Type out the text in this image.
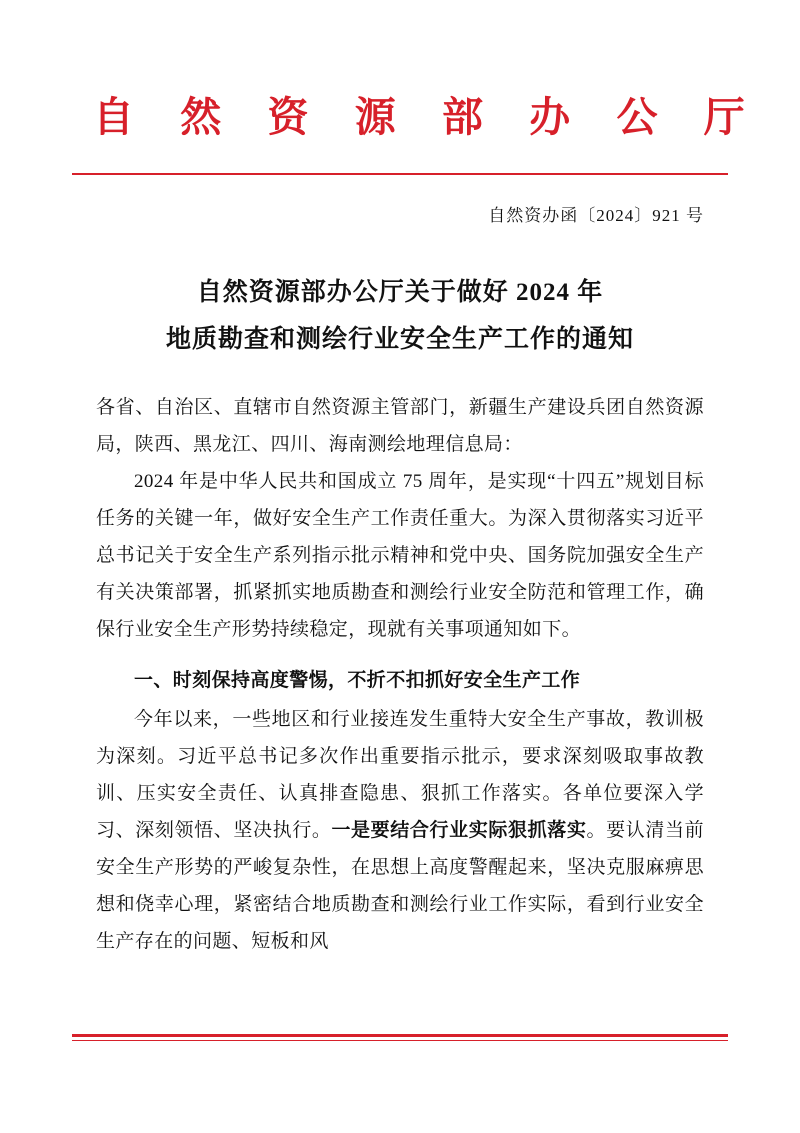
自 然 资 源 部 办 公 厅
自然资办函〔2024〕921 号
自然资源部办公厅关于做好 2024 年
地质勘查和测绘行业安全生产工作的通知

各省、自治区、直辖市自然资源主管部门，新疆生产建设兵团自然资源局，陕西、黑龙江、四川、海南测绘地理信息局：

2024 年是中华人民共和国成立 75 周年，是实现“十四五”规划目标任务的关键一年，做好安全生产工作责任重大。为深入贯彻落实习近平总书记关于安全生产系列指示批示精神和党中央、国务院加强安全生产有关决策部署，抓紧抓实地质勘查和测绘行业安全防范和管理工作，确保行业安全生产形势持续稳定，现就有关事项通知如下。

一、时刻保持高度警惕，不折不扣抓好安全生产工作

今年以来，一些地区和行业接连发生重特大安全生产事故，教训极为深刻。习近平总书记多次作出重要指示批示，要求深刻吸取事故教训、压实安全责任、认真排查隐患、狠抓工作落实。各单位要深入学习、深刻领悟、坚决执行。一是要结合行业实际狠抓落实。要认清当前安全生产形势的严峻复杂性，在思想上高度警醒起来，坚决克服麻痹思想和侥幸心理，紧密结合地质勘查和测绘行业工作实际，看到行业安全生产存在的问题、短板和风
